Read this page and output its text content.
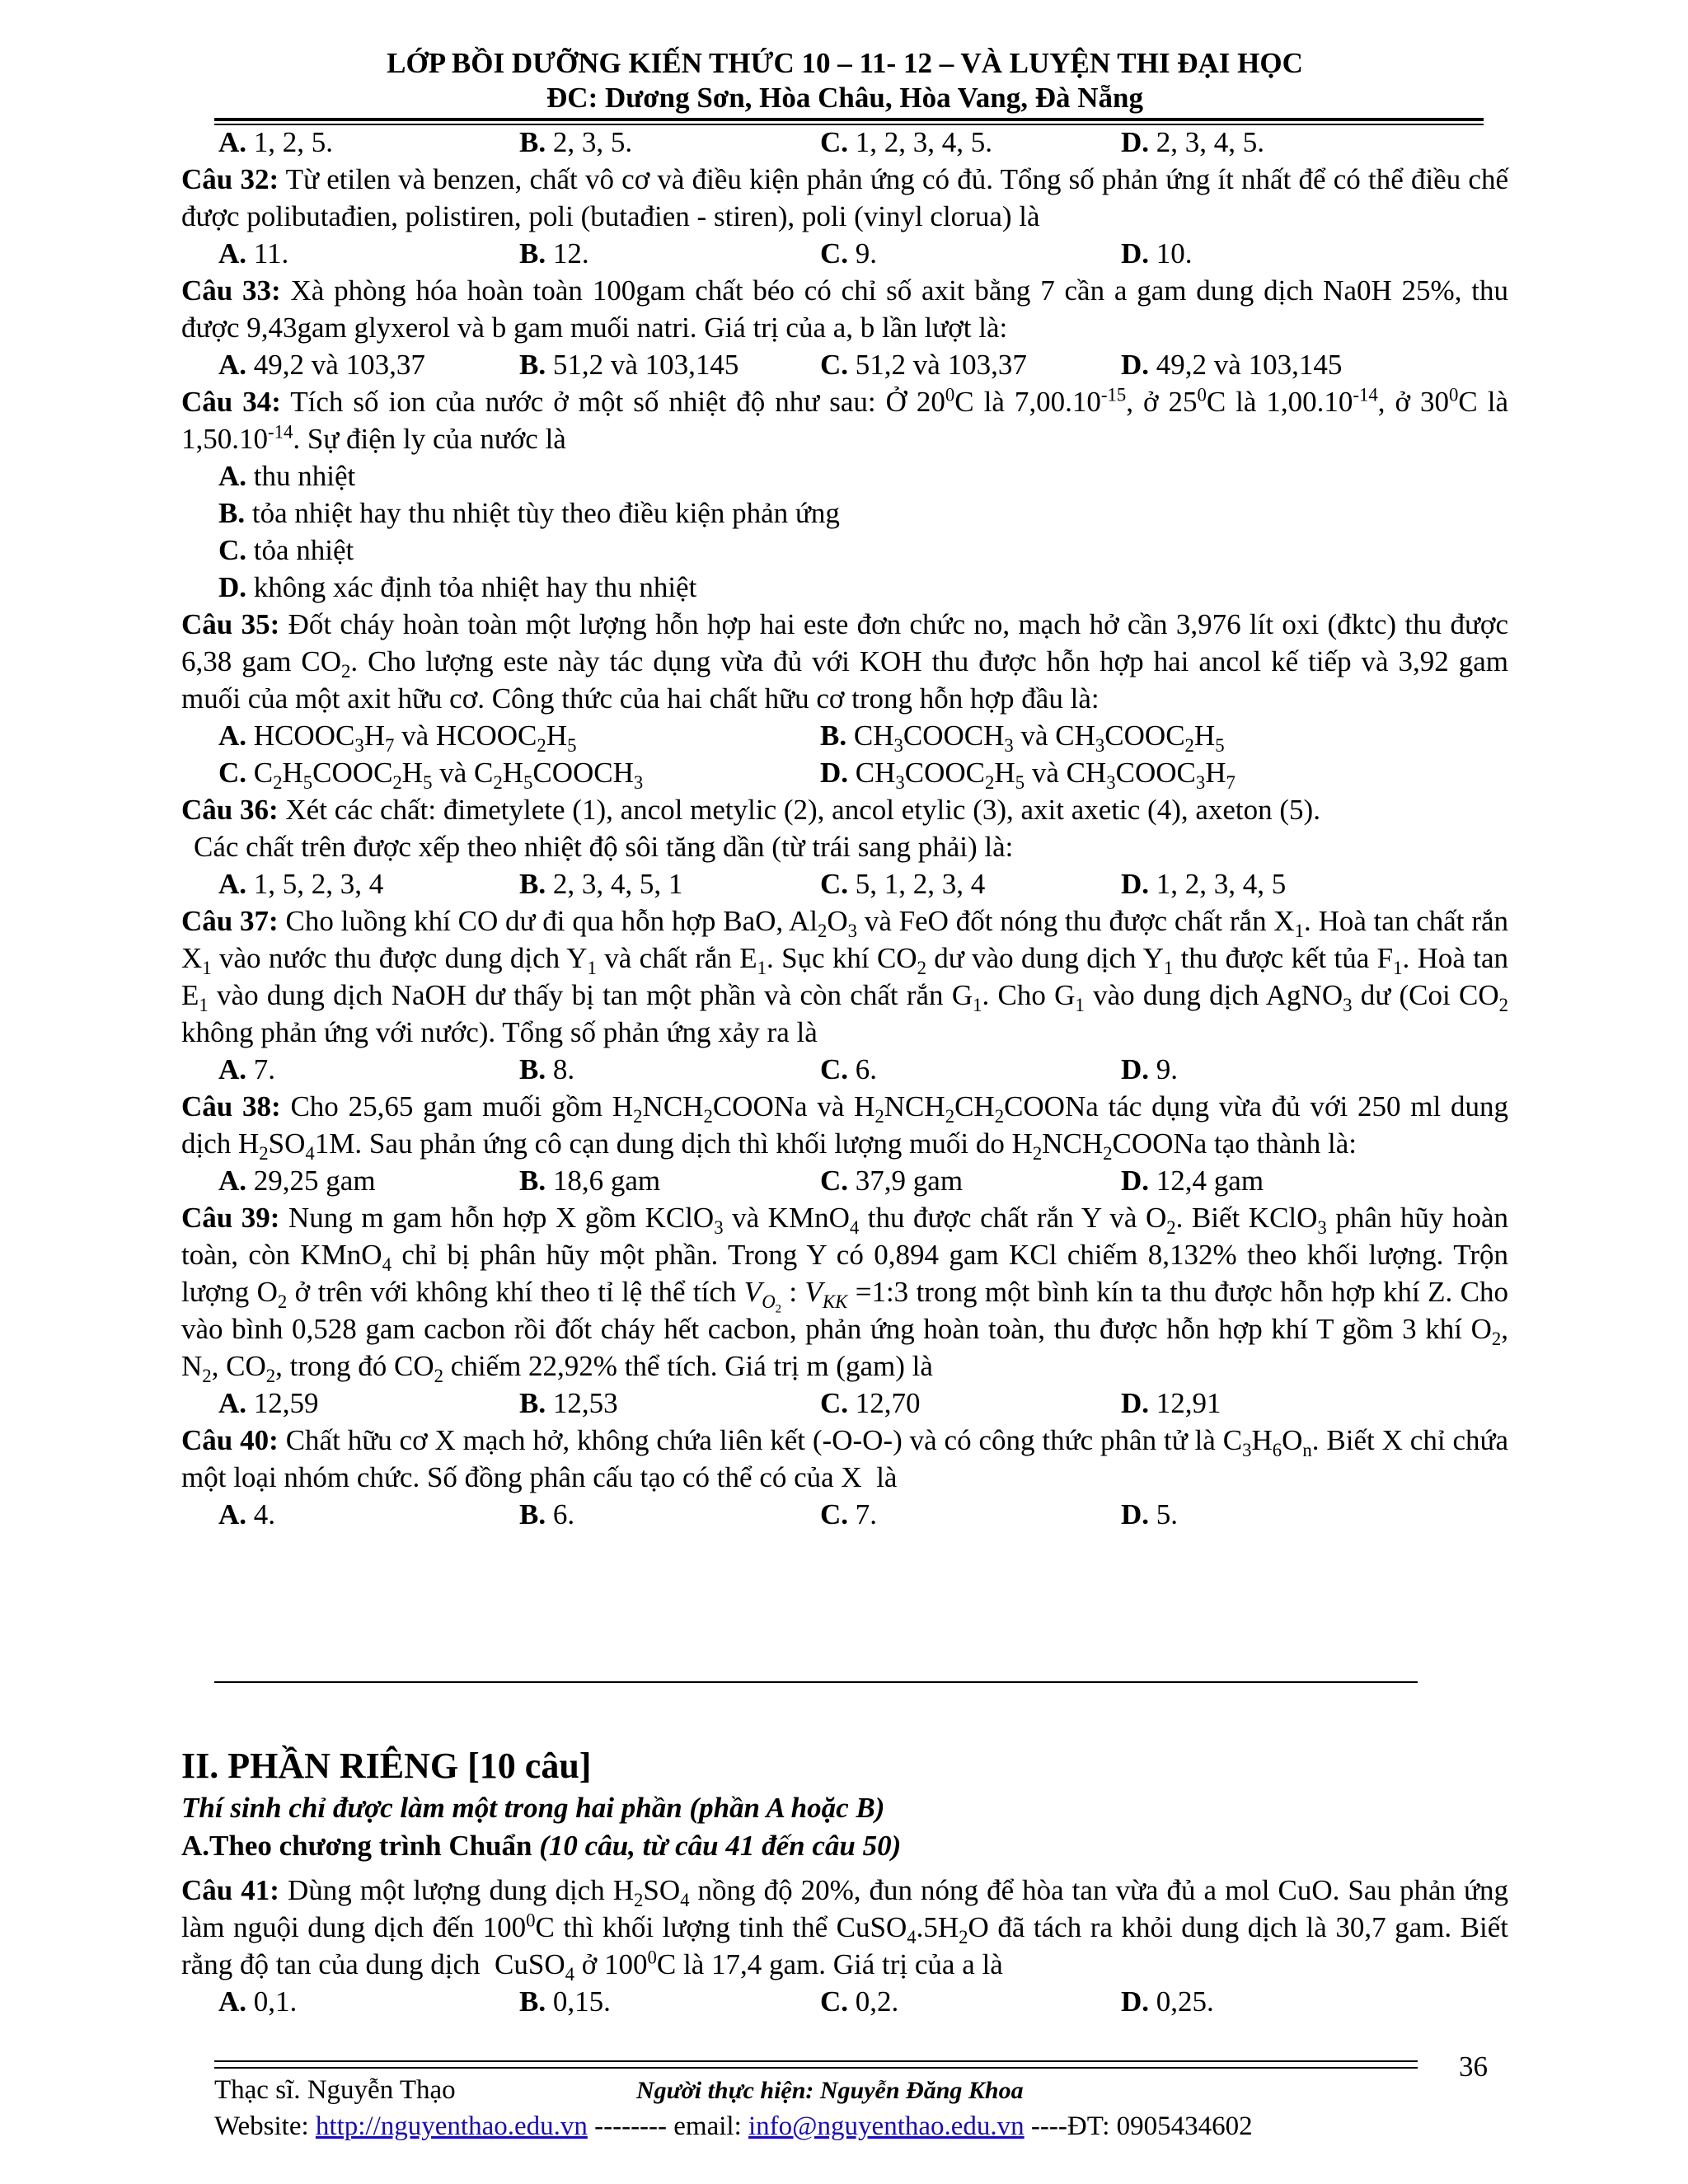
LỚP BỒI DƯỠNG KIẾN THỨC 10 – 11- 12 – VÀ LUYỆN THI ĐẠI HỌC
ĐC: Dương Sơn, Hòa Châu, Hòa Vang, Đà Nẵng
A. 1, 2, 5.	B. 2, 3, 5.	C. 1, 2, 3, 4, 5.	D. 2, 3, 4, 5.

Câu 32: Từ etilen và benzen, chất vô cơ và điều kiện phản ứng có đủ. Tổng số phản ứng ít nhất để có thể điều chế được polibutađien, polistiren, poli (butađien - stiren), poli (vinyl clorua) là

A. 11.	B. 12.	C. 9.	D. 10.

Câu 33: Xà phòng hóa hoàn toàn 100gam chất béo có chỉ số axit bằng 7 cần a gam dung dịch Na0H 25%, thu được 9,43gam glyxerol và b gam muối natri. Giá trị của a, b lần lượt là:

A. 49,2 và 103,37	B. 51,2 và 103,145	C. 51,2 và 103,37	D. 49,2 và 103,145

Câu 34: Tích số ion của nước ở một số nhiệt độ như sau: Ở $20^0C$ là $7,00.10^{-15}$, ở $25^0C$ là $1,00.10^{-14}$, ở $30^0C$ là $1,50.10^{-14}$. Sự điện ly của nước là

A. thu nhiệt

B. tỏa nhiệt hay thu nhiệt tùy theo điều kiện phản ứng

C. tỏa nhiệt

D. không xác định tỏa nhiệt hay thu nhiệt

Câu 35: Đốt cháy hoàn toàn một lượng hỗn hợp hai este đơn chức no, mạch hở cần 3,976 lít oxi (đktc) thu được 6,38 gam $CO_2$. Cho lượng este này tác dụng vừa đủ với KOH thu được hỗn hợp hai ancol kế tiếp và 3,92 gam muối của một axit hữu cơ. Công thức của hai chất hữu cơ trong hỗn hợp đầu là:

A. $HCOOC_3H_7$ và $HCOOC_2H_5$	B. $CH_3COOCH_3$ và $CH_3COOC_2H_5$
C. $C_2H_5COOC_2H_5$ và $C_2H_5COOCH_3$	D. $CH_3COOC_2H_5$ và $CH_3COOC_3H_7$

Câu 36: Xét các chất: đimetylete (1), ancol metylic (2), ancol etylic (3), axit axetic (4), axeton (5).

Các chất trên được xếp theo nhiệt độ sôi tăng dần (từ trái sang phải) là:

A. 1, 5, 2, 3, 4	B. 2, 3, 4, 5, 1	C. 5, 1, 2, 3, 4	D. 1, 2, 3, 4, 5

Câu 37: Cho luồng khí CO dư đi qua hỗn hợp BaO, $Al_2O_3$ và FeO đốt nóng thu được chất rắn $X_1$. Hoà tan chất rắn $X_1$ vào nước thu được dung dịch $Y_1$ và chất rắn $E_1$. Sục khí $CO_2$ dư vào dung dịch $Y_1$ thu được kết tủa $F_1$. Hoà $\tan E_1$ vào dung dịch NaOH dư thấy bị tan một phần và còn chất rắn $G_1$. Cho $G_1$ vào dung dịch AgNO$_3$ dư (Coi $CO_2$ không phản ứng với nước). Tổng số phản ứng xảy ra là

A. 7.	B. 8.	C. 6.	D. 9.

Câu 38: Cho 25,65 gam muối gồm $H_2NCH_2COONa$ và $H_2NCH_2CH_2COONa$ tác dụng vừa đủ với 250 ml dung dịch $H_2SO_41M$. Sau phản ứng cô cạn dung dịch thì khối lượng muối do $H_2NCH_2COONa$ tạo thành là:

A. 29,25 gam	B. 18,6 gam	C. 37,9 gam	D. 12,4 gam

Câu 39: Nung m gam hỗn hợp X gồm KClO$_3$ và KMnO$_4$ thu được chất rắn Y và $O_2$. Biết KClO$_3$ phân hũy hoàn toàn, còn KMnO$_4$ chỉ bị phân hũy một phần. Trong Y có 0,894 gam KCl chiếm 8,132% theo khối lượng. Trộn lượng $O_2$ ở trên với không khí theo tỉ lệ thể tích $V_{O_2}$ : $V_{KK}$ =1:3 trong một bình kín ta thu được hỗn hợp khí Z. Cho vào bình 0,528 gam cacbon rồi đốt cháy hết cacbon, phản ứng hoàn toàn, thu được hỗn hợp khí T gồm 3 khí $O_2$, $N_2$, $CO_2$, trong đó $CO_2$ chiếm 22,92% thể tích. Giá trị m (gam) là

A. 12,59	B. 12,53	C. 12,70	D. 12,91

Câu 40: Chất hữu cơ X mạch hở, không chứa liên kết (-O-O-) và có công thức phân tử là $C_3H_6O_n$. Biết X chỉ chứa một loại nhóm chức. Số đồng phân cấu tạo có thể có của X  là

A. 4.	B. 6.	C. 7.	D. 5.

II. PHẦN RIÊNG [10 câu]

Thí sinh chỉ được làm một trong hai phần (phần A hoặc B)

A.Theo chương trình Chuẩn (10 câu, từ câu 41 đến câu 50)

Câu 41: Dùng một lượng dung dịch $H_2SO_4$ nồng độ 20%, đun nóng để hòa tan vừa đủ a mol CuO. Sau phản ứng làm nguội dung dịch đến $100^0C$ thì khối lượng tinh thể $CuSO_4.5H_2O$ đã tách ra khỏi dung dịch là 30,7 gam. Biết rằng độ tan của dung dịch  CuSO$_4$ ở $100^0C$ là 17,4 gam. Giá trị của a là

A. 0,1.	B. 0,15.	C. 0,2.	D. 0,25.
Thạc sĩ. Nguyễn Thạo	Người thực hiện: Nguyễn Đăng Khoa
Website: http://nguyenthao.edu.vn -------- email: info@nguyenthao.edu.vn ----ĐT: 0905434602
36
